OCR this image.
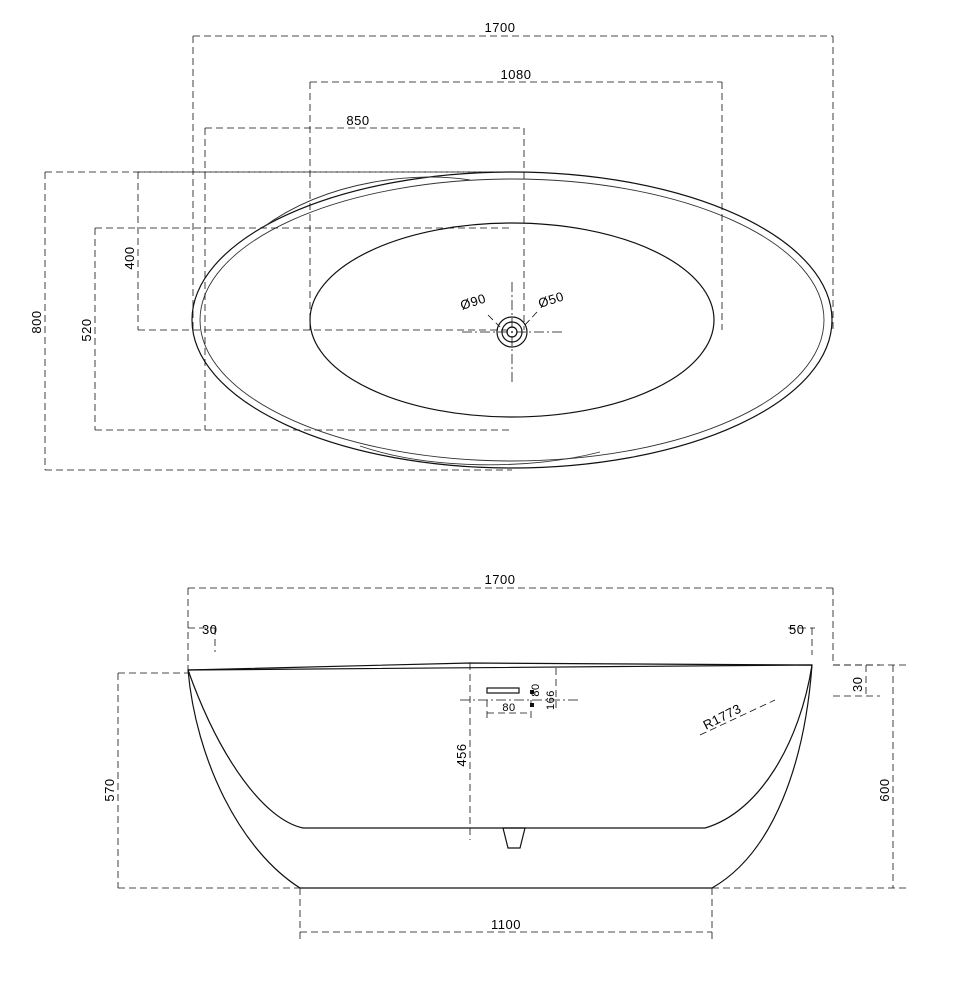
Ø90	Ø50
1700
1080
850
800	520
400
R1773
1700
30	50
30
600
570
1100
456
166
80
80
